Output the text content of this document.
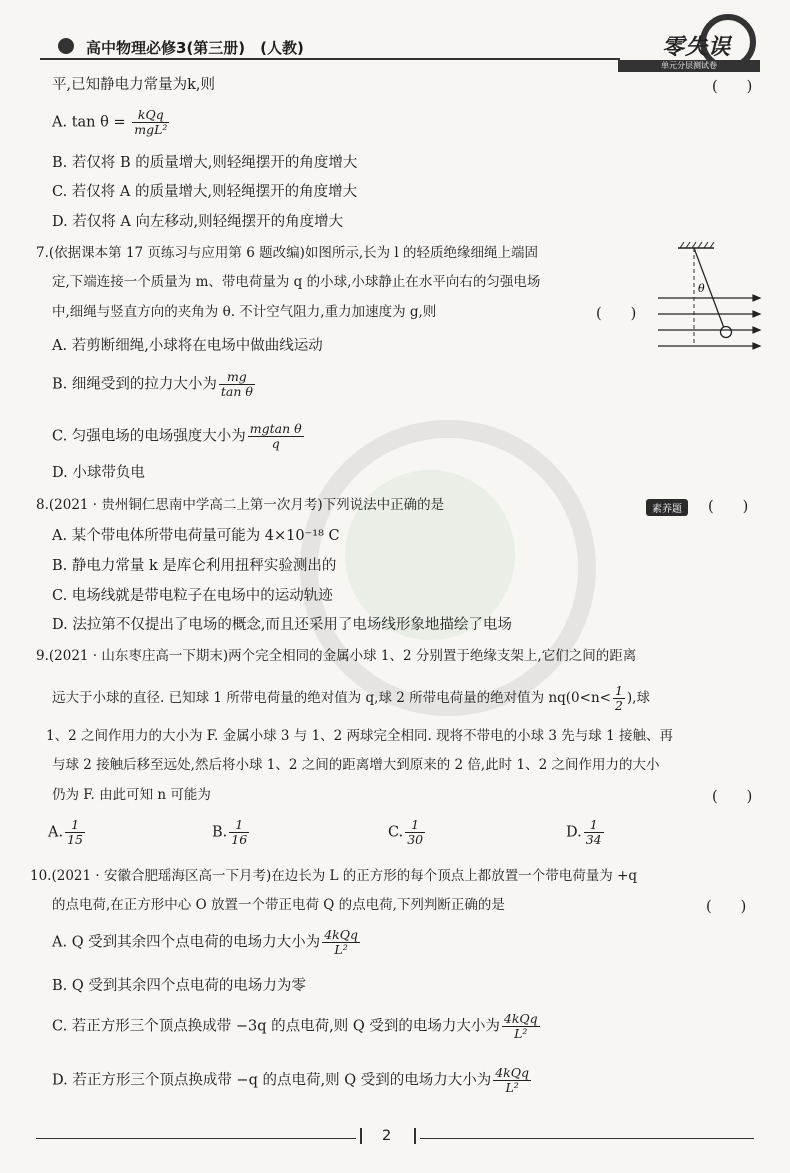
高中物理必修3(第三册)　(人教)	零失误
单元分层测试卷
平,已知静电力常量为k,则	(　　)
A. $\tan \theta = \frac{\text{kQq}}{\text{mgL²}}$
B. 若仅将 B 的质量增大,则轻绳摆开的角度增大
C. 若仅将 A 的质量增大,则轻绳摆开的角度增大
D. 若仅将 A 向左移动,则轻绳摆开的角度增大
7.(依据课本第 17 页练习与应用第 6 题改编)如图所示,长为 l 的轻质绝缘细绳上端固
定,下端连接一个质量为 m、带电荷量为 q 的小球,小球静止在水平向右的匀强电场
中,细绳与竖直方向的夹角为 θ. 不计空气阻力,重力加速度为 g,则	(　　)
A. 若剪断细绳,小球将在电场中做曲线运动
B. 细绳受到的拉力大小为 $\frac{mg}{\text{tan θ}}$
C. 匀强电场的电场强度大小为 $\frac{\text{mgtan θ}}{q}$
D. 小球带负电
θ
8.(2021 · 贵州铜仁思南中学高二上第一次月考)下列说法中正确的是	素养题	(　　)
A. 某个带电体所带电荷量可能为 4×10⁻¹⁸ C
B. 静电力常量 k 是库仑利用扭秤实验测出的
C. 电场线就是带电粒子在电场中的运动轨迹
D. 法拉第不仅提出了电场的概念,而且还采用了电场线形象地描绘了电场
9.(2021 · 山东枣庄高一下期末)两个完全相同的金属小球 1、2 分别置于绝缘支架上,它们之间的距离
远大于小球的直径. 已知球 1 所带电荷量的绝对值为 q,球 2 所带电荷量的绝对值为 $nq(0<n< \frac{1}{2}$ ),球
1、2 之间作用力的大小为 F. 金属小球 3 与 1、2 两球完全相同. 现将不带电的小球 3 先与球 1 接触、再
与球 2 接触后移至远处,然后将小球 1、2 之间的距离增大到原来的 2 倍,此时 1、2 之间作用力的大小
仍为 F. 由此可知 n 可能为	(　　)
A. $\frac{1}{15}$	B. $\frac{1}{16}$	C. $\frac{1}{30}$	D. $\frac{1}{34}$
10.(2021 · 安徽合肥瑶海区高一下月考)在边长为 L 的正方形的每个顶点上都放置一个带电荷量为 +q
的点电荷,在正方形中心 O 放置一个带正电荷 Q 的点电荷,下列判断正确的是	(　　)
A. Q 受到其余四个点电荷的电场力大小为 $\frac{\text{4kQq}}{\text{L²}}$
B. Q 受到其余四个点电荷的电场力为零
C. 若正方形三个顶点换成带 −3q 的点电荷,则 Q 受到的电场力大小为 $\frac{\text{4kQq}}{\text{L²}}$
D. 若正方形三个顶点换成带 −q 的点电荷,则 Q 受到的电场力大小为 $\frac{\text{4kQq}}{\text{L²}}$
2
